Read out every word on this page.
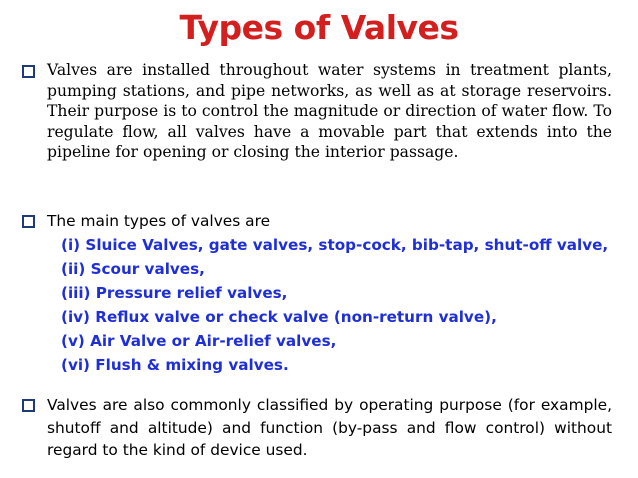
Types of Valves
Valves are installed throughout water systems in treatment plants, pumping stations, and pipe networks, as well as at storage reservoirs. Their purpose is to control the magnitude or direction of water flow. To regulate flow, all valves have a movable part that extends into the pipeline for opening or closing the interior passage.
The main types of valves are
(i) Sluice Valves, gate valves, stop-cock, bib-tap, shut-off valve,
(ii) Scour valves,
(iii) Pressure relief valves,
(iv) Reflux valve or check valve (non-return valve),
(v) Air Valve or Air-relief valves,
(vi) Flush & mixing valves.
Valves are also commonly classified by operating purpose (for example, shutoff and altitude) and function (by-pass and flow control) without regard to the kind of device used.
